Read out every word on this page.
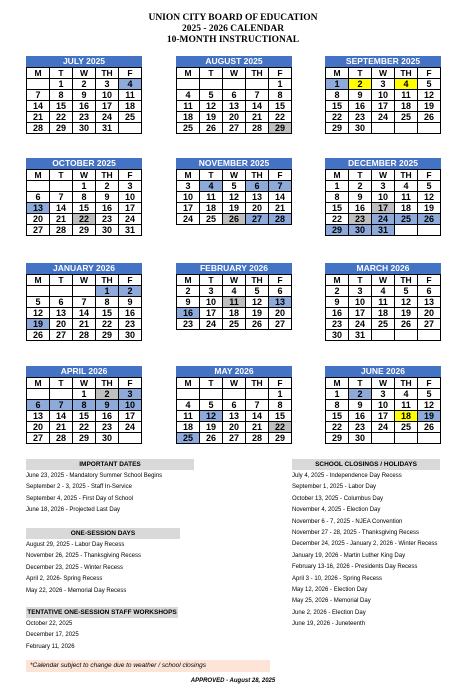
UNION CITY BOARD OF EDUCATION
2025 - 2026 CALENDAR
10-MONTH INSTRUCTIONAL
JULY 2025
M	T	W	TH	F
	1	2	3	4
7	8	9	10	11
14	15	16	17	18
21	22	23	24	25
28	29	30	31	
AUGUST 2025
M	T	W	TH	F
				1
4	5	6	7	8
11	12	13	14	15
18	19	20	21	22
25	26	27	28	29
SEPTEMBER 2025
M	T	W	TH	F
1	2	3	4	5
8	9	10	11	12
15	16	17	18	19
22	23	24	25	26
29	30			
OCTOBER 2025
M	T	W	TH	F
		1	2	3
6	7	8	9	10
13	14	15	16	17
20	21	22	23	24
27	28	29	30	31
NOVEMBER 2025
M	T	W	TH	F
3	4	5	6	7
10	11	12	13	14
17	18	19	20	21
24	25	26	27	28
DECEMBER 2025
M	T	W	TH	F
1	2	3	4	5
8	9	10	11	12
15	16	17	18	19
22	23	24	25	26
29	30	31		
JANUARY 2026
M	T	W	TH	F
			1	2
5	6	7	8	9
12	13	14	15	16
19	20	21	22	23
26	27	28	29	30
FEBRUARY 2026
M	T	W	TH	F
2	3	4	5	6
9	10	11	12	13
16	17	18	19	20
23	24	25	26	27
MARCH 2026
M	T	W	TH	F
2	3	4	5	6
9	10	11	12	13
16	17	18	19	20
23	24	25	26	27
30	31			
APRIL 2026
M	T	W	TH	F
		1	2	3
6	7	8	9	10
13	14	15	16	17
20	21	22	23	24
27	28	29	30	
MAY 2026
M	T	W	TH	F
				1
4	5	6	7	8
11	12	13	14	15
18	19	20	21	22
25	26	27	28	29
JUNE 2026
M	T	W	TH	F
1	2	3	4	5
8	9	10	11	12
15	16	17	18	19
22	23	24	25	26
29	30			
IMPORTANT DATES
June 23, 2025 - Mandatory Summer School Begins
September 2 - 3, 2025 - Staff In-Service
September 4, 2025 - First Day of School
June 18, 2026 - Projected Last Day
ONE-SESSION DAYS
August 29, 2025 - Labor Day Recess
November 26, 2025 - Thanksgiving Recess
December 23, 2025 - Winter Recess
April 2, 2026- Spring Recess
May 22, 2026 - Memorial Day Recess
TENTATIVE ONE-SESSION STAFF WORKSHOPS
October 22, 2025
December 17, 2025
February 11, 2026
SCHOOL CLOSINGS / HOLIDAYS
July 4, 2025 - Independence Day Recess
September 1, 2025 - Labor Day
October 13, 2025 - Columbus Day
November 4, 2025 - Election Day
November 6 - 7, 2025 - NJEA Convention
November 27 - 28, 2025 - Thanksgiving Recess
December 24, 2025 - January 2, 2026 - Winter Recess
January 19, 2026 - Martin Luther King Day
February 13-16, 2026 - Presidents Day Recess
April 3 - 10, 2026 - Spring Recess
May 12, 2026 - Election Day
May 25, 2026 - Memorial Day
June 2, 2026 - Election Day
June 19, 2026 - Juneteenth
*Calendar subject to change due to weather / school closings
APPROVED - August 28, 2025
